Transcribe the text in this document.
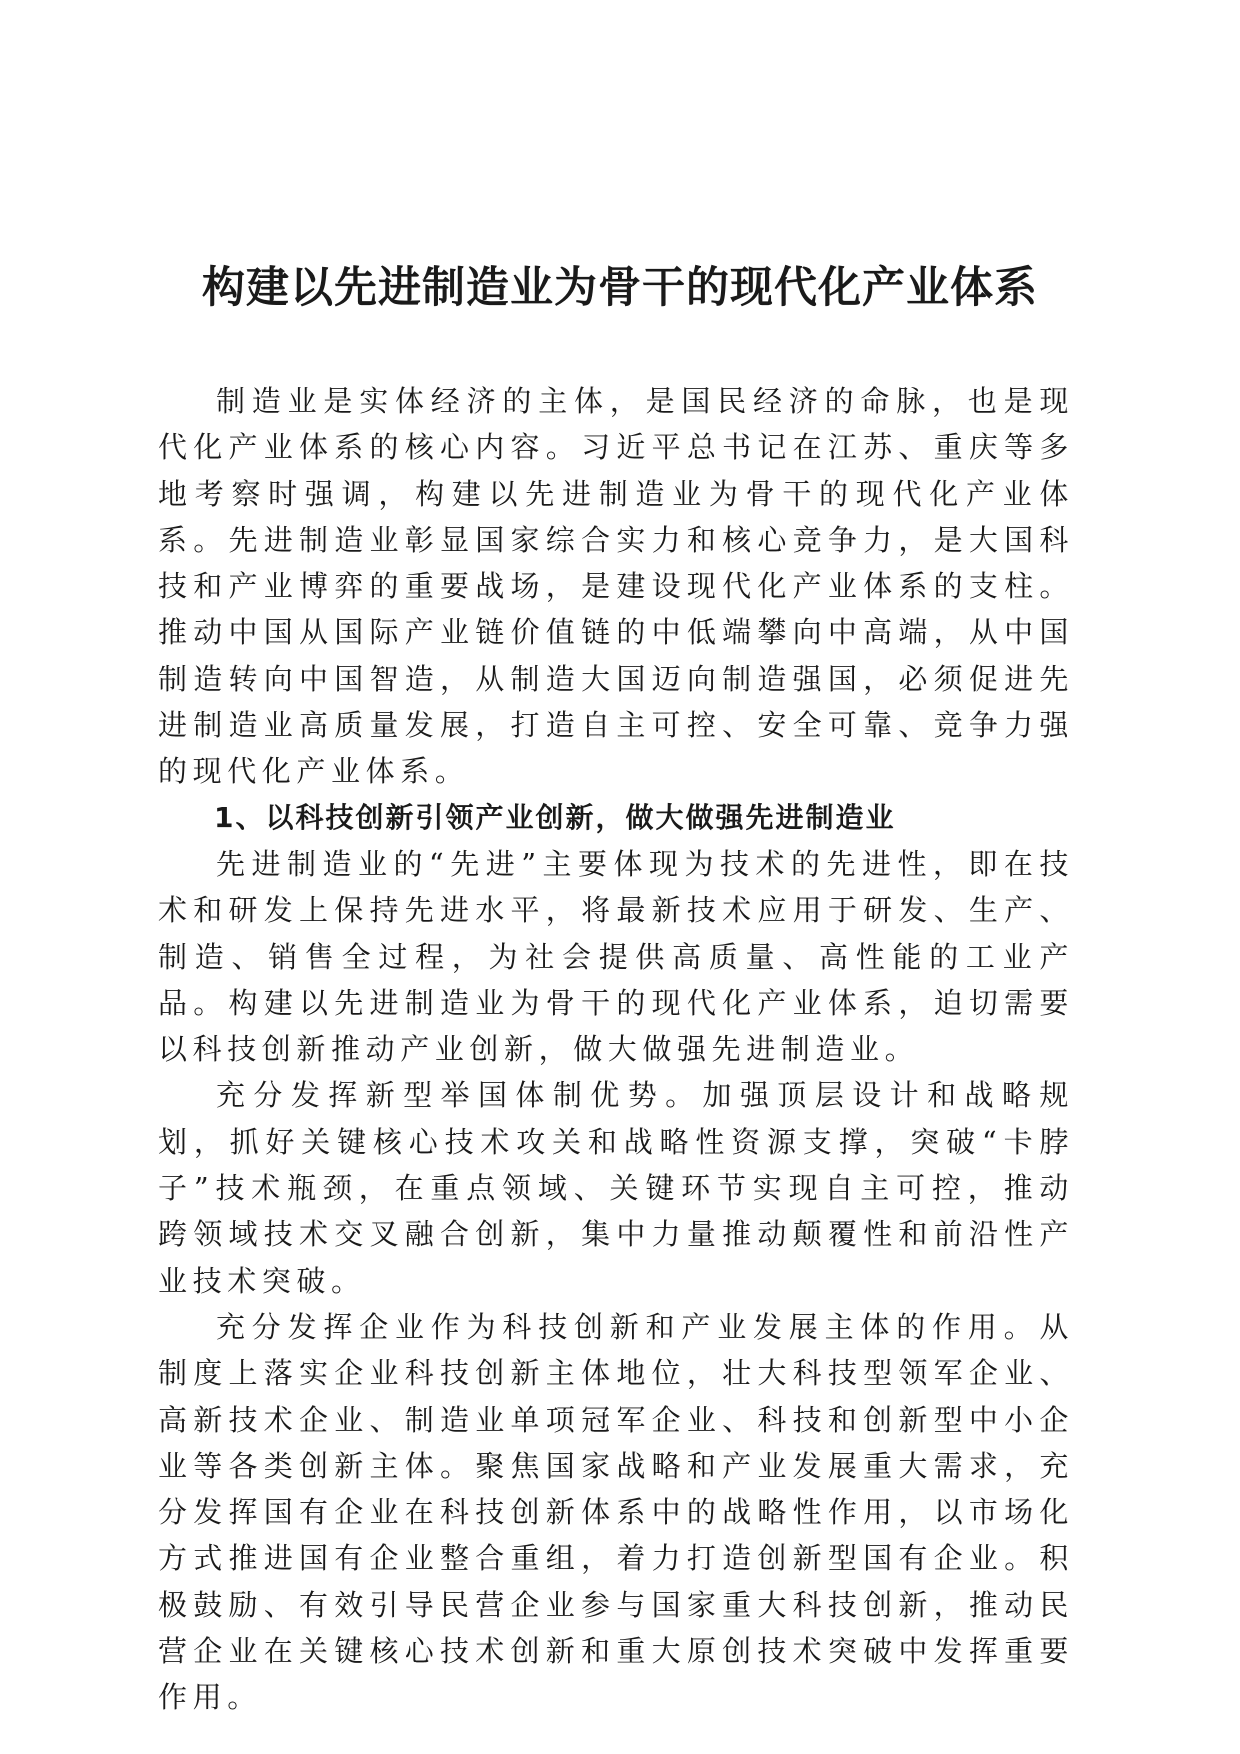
构建以先进制造业为骨干的现代化产业体系

制造业是实体经济的主体，是国民经济的命脉，也是现代化产业体系的核心内容。习近平总书记在江苏、重庆等多地考察时强调，构建以先进制造业为骨干的现代化产业体系。先进制造业彰显国家综合实力和核心竞争力，是大国科技和产业博弈的重要战场，是建设现代化产业体系的支柱。推动中国从国际产业链价值链的中低端攀向中高端，从中国制造转向中国智造，从制造大国迈向制造强国，必须促进先进制造业高质量发展，打造自主可控、安全可靠、竞争力强的现代化产业体系。

1、以科技创新引领产业创新，做大做强先进制造业

先进制造业的“先进”主要体现为技术的先进性，即在技术和研发上保持先进水平，将最新技术应用于研发、生产、制造、销售全过程，为社会提供高质量、高性能的工业产品。构建以先进制造业为骨干的现代化产业体系，迫切需要以科技创新推动产业创新，做大做强先进制造业。

充分发挥新型举国体制优势。加强顶层设计和战略规划，抓好关键核心技术攻关和战略性资源支撑，突破“卡脖子”技术瓶颈，在重点领域、关键环节实现自主可控，推动跨领域技术交叉融合创新，集中力量推动颠覆性和前沿性产业技术突破。

充分发挥企业作为科技创新和产业发展主体的作用。从制度上落实企业科技创新主体地位，壮大科技型领军企业、高新技术企业、制造业单项冠军企业、科技和创新型中小企业等各类创新主体。聚焦国家战略和产业发展重大需求，充分发挥国有企业在科技创新体系中的战略性作用，以市场化方式推进国有企业整合重组，着力打造创新型国有企业。积极鼓励、有效引导民营企业参与国家重大科技创新，推动民营企业在关键核心技术创新和重大原创技术突破中发挥重要作用。
